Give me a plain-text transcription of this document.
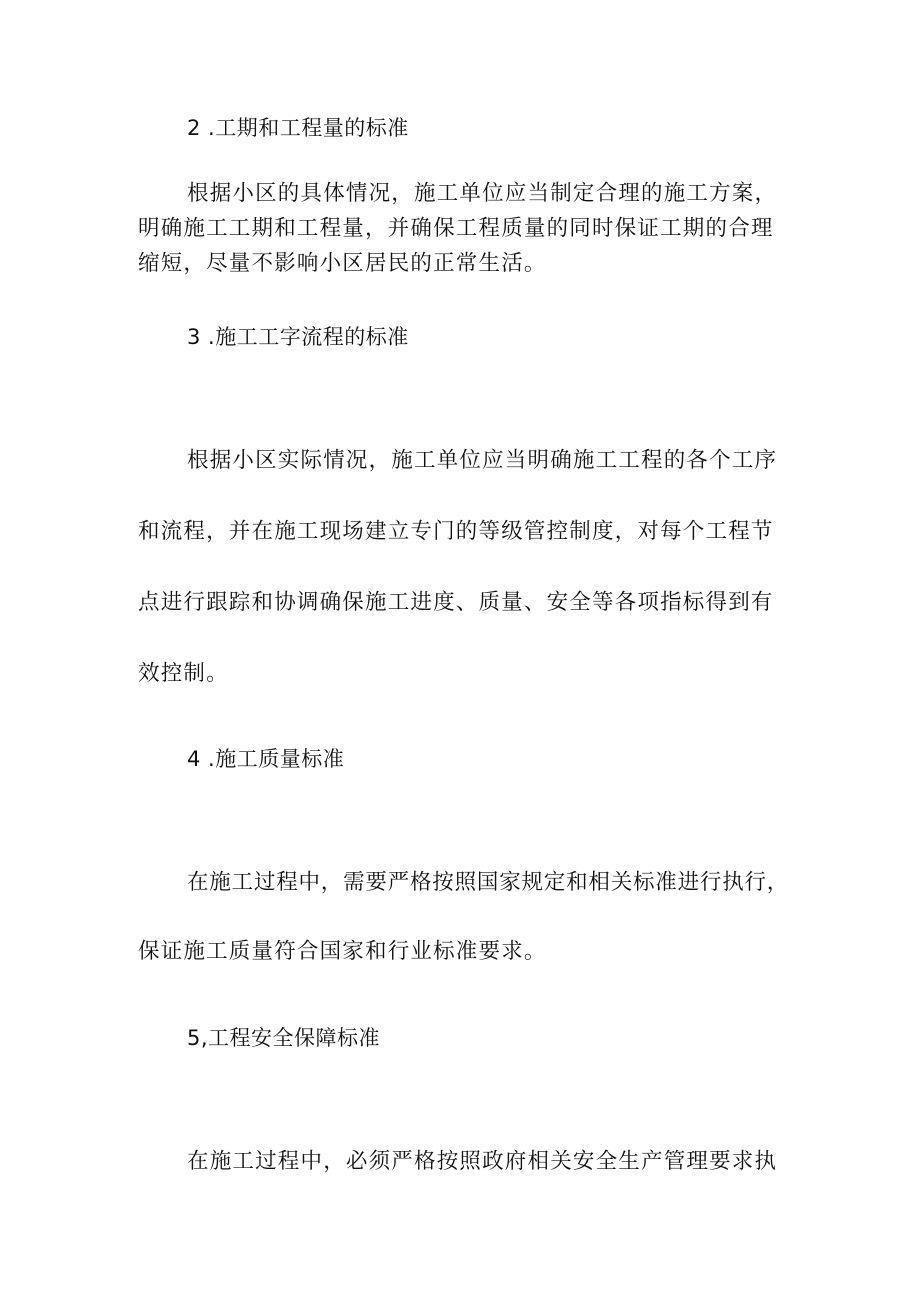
2 .工期和工程量的标准
根据小区的具体情况，施工单位应当制定合理的施工方案，
明确施工工期和工程量，并确保工程质量的同时保证工期的合理
缩短，尽量不影响小区居民的正常生活。
3 .施工工字流程的标准
根据小区实际情况，施工单位应当明确施工工程的各个工序
和流程，并在施工现场建立专门的等级管控制度，对每个工程节
点进行跟踪和协调确保施工进度、质量、安全等各项指标得到有
效控制。
4 .施工质量标准
在施工过程中，需要严格按照国家规定和相关标准进行执行，
保证施工质量符合国家和行业标准要求。
5,工程安全保障标准
在施工过程中，必须严格按照政府相关安全生产管理要求执
